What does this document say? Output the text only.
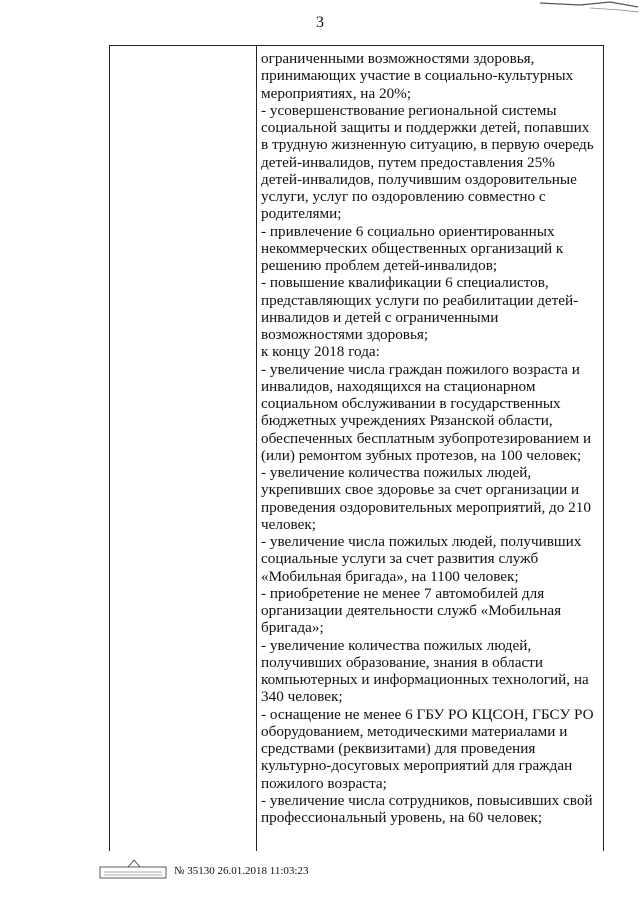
3
ограниченными возможностями здоровья,
принимающих участие в социально-культурных
мероприятиях, на 20%;
- усовершенствование региональной системы
социальной защиты и поддержки детей, попавших
в трудную жизненную ситуацию, в первую очередь
детей-инвалидов, путем предоставления 25%
детей-инвалидов, получившим оздоровительные
услуги, услуг по оздоровлению совместно с
родителями;
- привлечение 6 социально ориентированных
некоммерческих общественных организаций к
решению проблем детей-инвалидов;
- повышение квалификации 6 специалистов,
представляющих услуги по реабилитации детей-
инвалидов и детей с ограниченными
возможностями здоровья;
к концу 2018 года:
- увеличение числа граждан пожилого возраста и
инвалидов, находящихся на стационарном
социальном обслуживании в государственных
бюджетных учреждениях Рязанской области,
обеспеченных бесплатным зубопротезированием и
(или) ремонтом зубных протезов, на 100 человек;
- увеличение количества пожилых людей,
укрепивших свое здоровье за счет организации и
проведения оздоровительных мероприятий, до 210
человек;
- увеличение числа пожилых людей, получивших
социальные услуги за счет развития служб
«Мобильная бригада», на 1100 человек;
- приобретение не менее 7 автомобилей для
организации деятельности служб «Мобильная
бригада»;
- увеличение количества пожилых людей,
получивших образование, знания в области
компьютерных и информационных технологий, на
340 человек;
- оснащение не менее 6 ГБУ РО КЦСОН, ГБСУ РО
оборудованием, методическими материалами и
средствами (реквизитами) для проведения
культурно-досуговых мероприятий для граждан
пожилого возраста;
- увеличение числа сотрудников, повысивших свой
профессиональный уровень, на 60 человек;
№ 35130 26.01.2018 11:03:23
